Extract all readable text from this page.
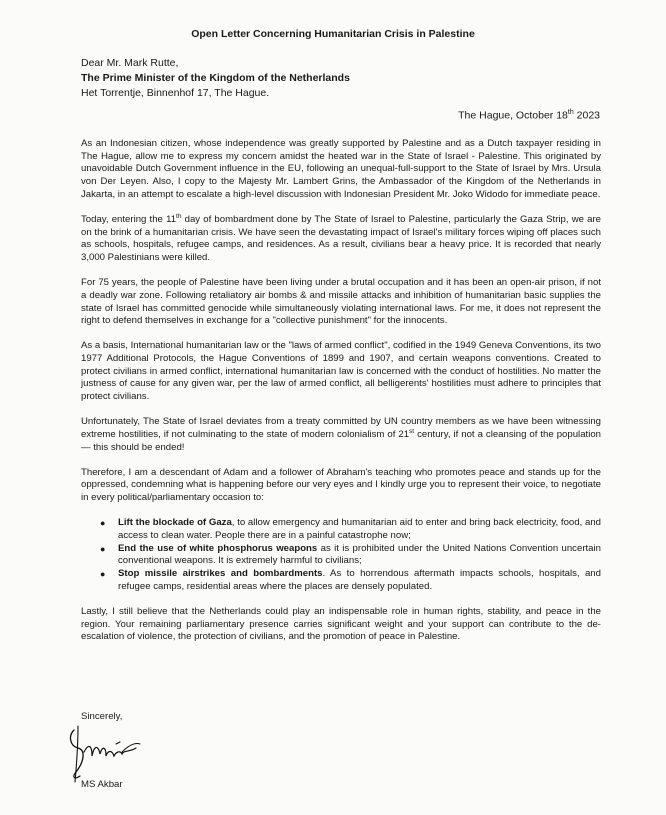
Open Letter Concerning Humanitarian Crisis in Palestine
Dear Mr. Mark Rutte,
The Prime Minister of the Kingdom of the Netherlands
Het Torrentje, Binnenhof 17, The Hague.
The Hague, October 18th 2023

As an Indonesian citizen, whose independence was greatly supported by Palestine and as a Dutch taxpayer residing in The Hague, allow me to express my concern amidst the heated war in the State of Israel - Palestine. This originated by unavoidable Dutch Government influence in the EU, following an unequal-full-support to the State of Israel by Mrs. Ursula von Der Leyen. Also, I copy to the Majesty Mr. Lambert Grins, the Ambassador of the Kingdom of the Netherlands in Jakarta, in an attempt to escalate a high-level discussion with Indonesian President Mr. Joko Widodo for immediate peace.

Today, entering the 11th day of bombardment done by The State of Israel to Palestine, particularly the Gaza Strip, we are on the brink of a humanitarian crisis. We have seen the devastating impact of Israel's military forces wiping off places such as schools, hospitals, refugee camps, and residences. As a result, civilians bear a heavy price. It is recorded that nearly 3,000 Palestinians were killed.

For 75 years, the people of Palestine have been living under a brutal occupation and it has been an open-air prison, if not a deadly war zone. Following retaliatory air bombs & and missile attacks and inhibition of humanitarian basic supplies the state of Israel has committed genocide while simultaneously violating international laws. For me, it does not represent the right to defend themselves in exchange for a "collective punishment" for the innocents.

As a basis, International humanitarian law or the "laws of armed conflict", codified in the 1949 Geneva Conventions, its two 1977 Additional Protocols, the Hague Conventions of 1899 and 1907, and certain weapons conventions. Created to protect civilians in armed conflict, international humanitarian law is concerned with the conduct of hostilities. No matter the justness of cause for any given war, per the law of armed conflict, all belligerents' hostilities must adhere to principles that protect civilians.

Unfortunately, The State of Israel deviates from a treaty committed by UN country members as we have been witnessing extreme hostilities, if not culminating to the state of modern colonialism of 21st century, if not a cleansing of the population — this should be ended!

Therefore, I am a descendant of Adam and a follower of Abraham's teaching who promotes peace and stands up for the oppressed, condemning what is happening before our very eyes and I kindly urge you to represent their voice, to negotiate in every political/parliamentary occasion to:

● Lift the blockade of Gaza, to allow emergency and humanitarian aid to enter and bring back electricity, food, and access to clean water. People there are in a painful catastrophe now;
● End the use of white phosphorus weapons as it is prohibited under the United Nations Convention uncertain conventional weapons. It is extremely harmful to civilians;
● Stop missile airstrikes and bombardments. As to horrendous aftermath impacts schools, hospitals, and refugee camps, residential areas where the places are densely populated.

Lastly, I still believe that the Netherlands could play an indispensable role in human rights, stability, and peace in the region. Your remaining parliamentary presence carries significant weight and your support can contribute to the de-escalation of violence, the protection of civilians, and the promotion of peace in Palestine.

Sincerely,
MS Akbar
